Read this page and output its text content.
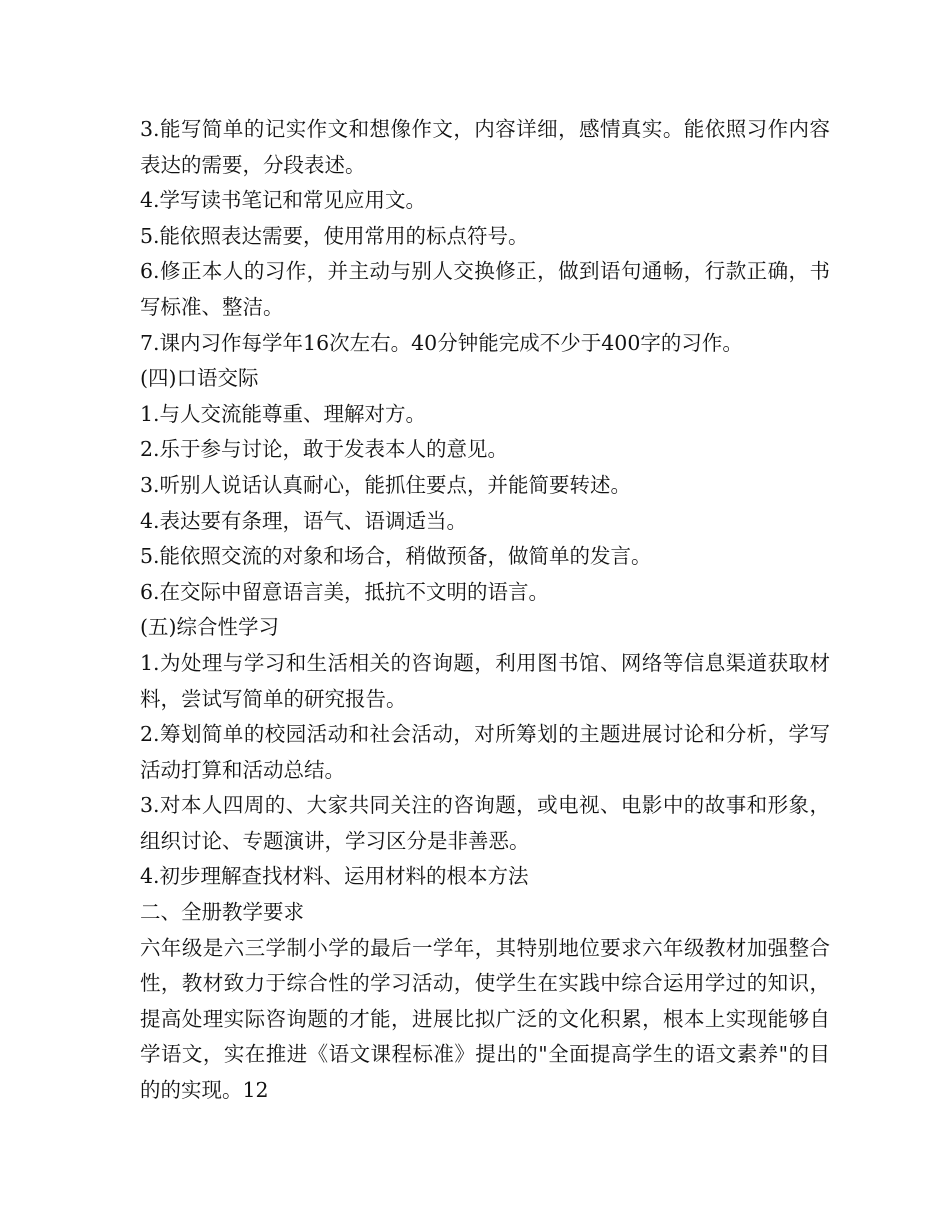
3.能写简单的记实作文和想像作文，内容详细，感情真实。能依照习作内容表达的需要，分段表述。

4.学写读书笔记和常见应用文。

5.能依照表达需要，使用常用的标点符号。

6.修正本人的习作，并主动与别人交换修正，做到语句通畅，行款正确，书写标准、整洁。

7.课内习作每学年16次左右。40分钟能完成不少于400字的习作。

(四)口语交际

1.与人交流能尊重、理解对方。

2.乐于参与讨论，敢于发表本人的意见。

3.听别人说话认真耐心，能抓住要点，并能简要转述。

4.表达要有条理，语气、语调适当。

5.能依照交流的对象和场合，稍做预备，做简单的发言。

6.在交际中留意语言美，抵抗不文明的语言。

(五)综合性学习

1.为处理与学习和生活相关的咨询题，利用图书馆、网络等信息渠道获取材料，尝试写简单的研究报告。

2.筹划简单的校园活动和社会活动，对所筹划的主题进展讨论和分析，学写活动打算和活动总结。

3.对本人四周的、大家共同关注的咨询题，或电视、电影中的故事和形象，组织讨论、专题演讲，学习区分是非善恶。

4.初步理解查找材料、运用材料的根本方法

二、全册教学要求

六年级是六三学制小学的最后一学年，其特别地位要求六年级教材加强整合性，教材致力于综合性的学习活动，使学生在实践中综合运用学过的知识，提高处理实际咨询题的才能，进展比拟广泛的文化积累，根本上实现能够自学语文，实在推进《语文课程标准》提出的"全面提高学生的语文素养"的目的的实现。12
